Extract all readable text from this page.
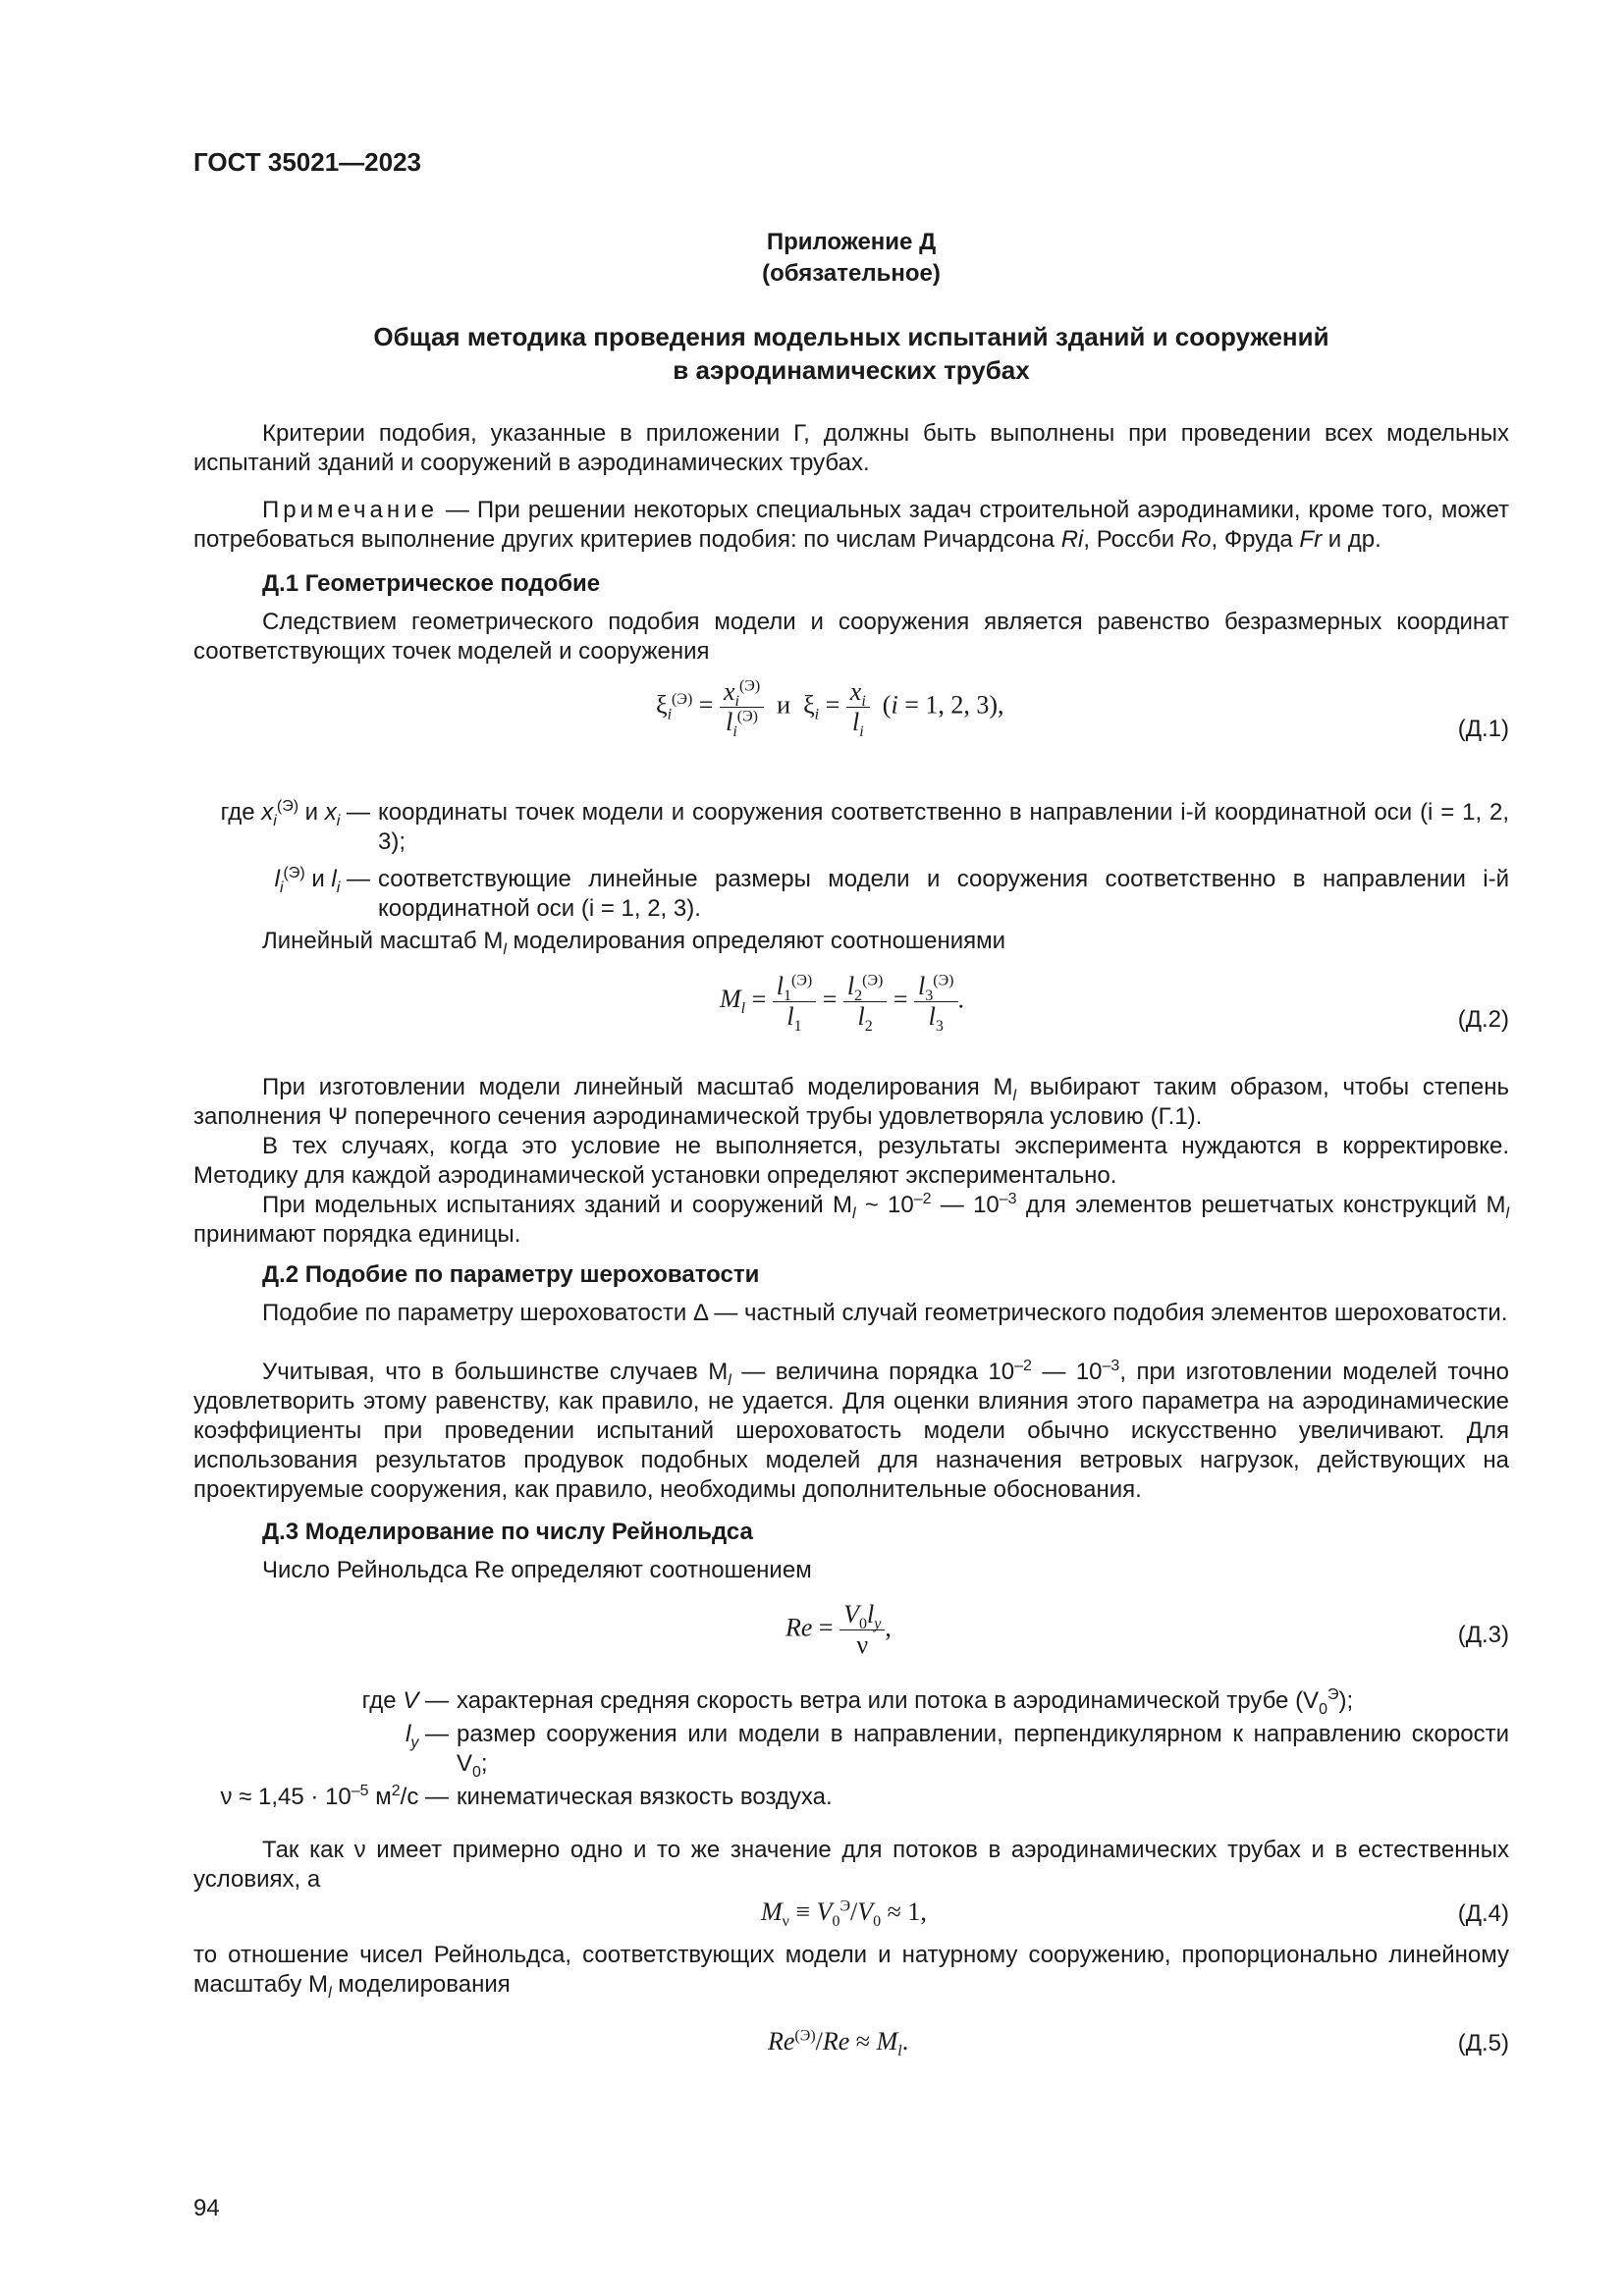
ГОСТ 35021—2023
Приложение Д
(обязательное)
Общая методика проведения модельных испытаний зданий и сооружений
в аэродинамических трубах
Критерии подобия, указанные в приложении Г, должны быть выполнены при проведении всех модельных испытаний зданий и сооружений в аэродинамических трубах.
Примечание — При решении некоторых специальных задач строительной аэродинамики, кроме того, может потребоваться выполнение других критериев подобия: по числам Ричардсона Ri, Россби Ro, Фруда Fr и др.
Д.1 Геометрическое подобие
Следствием геометрического подобия модели и сооружения является равенство безразмерных координат соответствующих точек моделей и сооружения
$\xi_i^{(Э)} = \frac{x_i^{(Э)}}{l_i^{(Э)}}$ и  $\xi_i = \frac{x_i}{l_i} (i = 1$, 2, 3),
(Д.1)
где $x_i^{(Э)}$ и $x_i$ — координаты точек модели и сооружения соответственно в направлении i-й координатной оси (i = 1, 2, 3);
$l_i^{(Э)}$ и $l_i$ — соответствующие линейные размеры модели и сооружения соответственно в направлении i-й координатной оси (i = 1, 2, 3).
Линейный масштаб $M_l$ моделирования определяют соотношениями
$M_l = \frac{l_1^{(Э)}}{l_1} = \frac{l_2^{(Э)}}{l_2} = \frac{l_3^{(Э)}}{l_3}$ .
(Д.2)
При изготовлении модели линейный масштаб моделирования $M_l$ выбирают таким образом, чтобы степень заполнения Ψ поперечного сечения аэродинамической трубы удовлетворяла условию (Г.1).
В тех случаях, когда это условие не выполняется, результаты эксперимента нуждаются в корректировке. Методику для каждой аэродинамической установки определяют экспериментально.
При модельных испытаниях зданий и сооружений $M_l$ ~ $10^{-2}$ — $10^{-3}$ для элементов решетчатых конструкций $M_l$ принимают порядка единицы.
Д.2 Подобие по параметру шероховатости
Подобие по параметру шероховатости Δ — частный случай геометрического подобия элементов шероховатости.
Учитывая, что в большинстве случаев $M_l$ — величина порядка $10^{-2}$ — $10^{-3}$, при изготовлении моделей точно удовлетворить этому равенству, как правило, не удается. Для оценки влияния этого параметра на аэродинамические коэффициенты при проведении испытаний шероховатость модели обычно искусственно увеличивают. Для использования результатов продувок подобных моделей для назначения ветровых нагрузок, действующих на проектируемые сооружения, как правило, необходимы дополнительные обоснования.
Д.3 Моделирование по числу Рейнольдса
Число Рейнольдса Re определяют соотношением
$Re = \frac{V_0l_y}{\nu}$ ,	(Д.3)
где V — характерная средняя скорость ветра или потока в аэродинамической трубе $(V_0^Э)$;
$l_y$ — размер сооружения или модели в направлении, перпендикулярном к направлению скорости $V_0$;
$\nu \approx 1,45 \cdot 10^{-5}$ $м^2/с$ — кинематическая вязкость воздуха.
Так как ν имеет примерно одно и то же значение для потоков в аэродинамических трубах и в естественных условиях, а
$M_\nu \equiv V_0^Э/V_0 \approx 1$,	(Д.4)
то отношение чисел Рейнольдса, соответствующих модели и натурному сооружению, пропорционально линейному масштабу $M_l$ моделирования
$Re^{(Э)}/Re \approx M_l$.	(Д.5)
94
